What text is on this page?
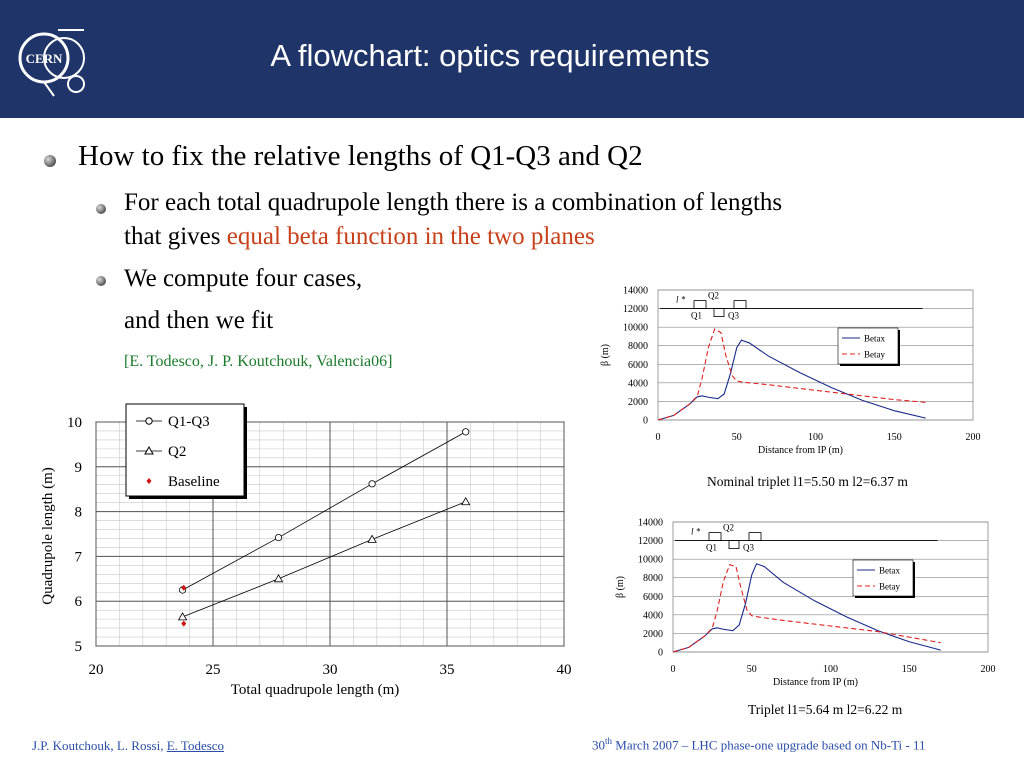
CERN	A flowchart: optics requirements
How to fix the relative lengths of Q1-Q3 and Q2
For each total quadrupole length there is a combination of lengths
that gives equal beta function in the two planes
We compute four cases,
and then we fit
[E. Todesco, J. P. Koutchouk, Valencia06]
20	25	30	35	40
5
6
7
8
9
10
Total quadrupole length (m)
Quadrupole length (m)
Q1-Q3
Q2
Baseline
0
2000
4000
6000
8000
10000
12000
14000
0	50	100	150	200
Distance from IP (m)
β (m)
l *
Q1
Q2
Q3
Betax
Betay
Nominal triplet l1=5.50 m l2=6.37 m
0
2000
4000
6000
8000
10000
12000
14000
0	50	100	150	200
Distance from IP (m)
β (m)
l *
Q1
Q2
Q3
Betax
Betay
Triplet l1=5.64 m l2=6.22 m
J.P. Koutchouk, L. Rossi, E. Todesco	30th March 2007 – LHC phase-one upgrade based on Nb-Ti - 11
